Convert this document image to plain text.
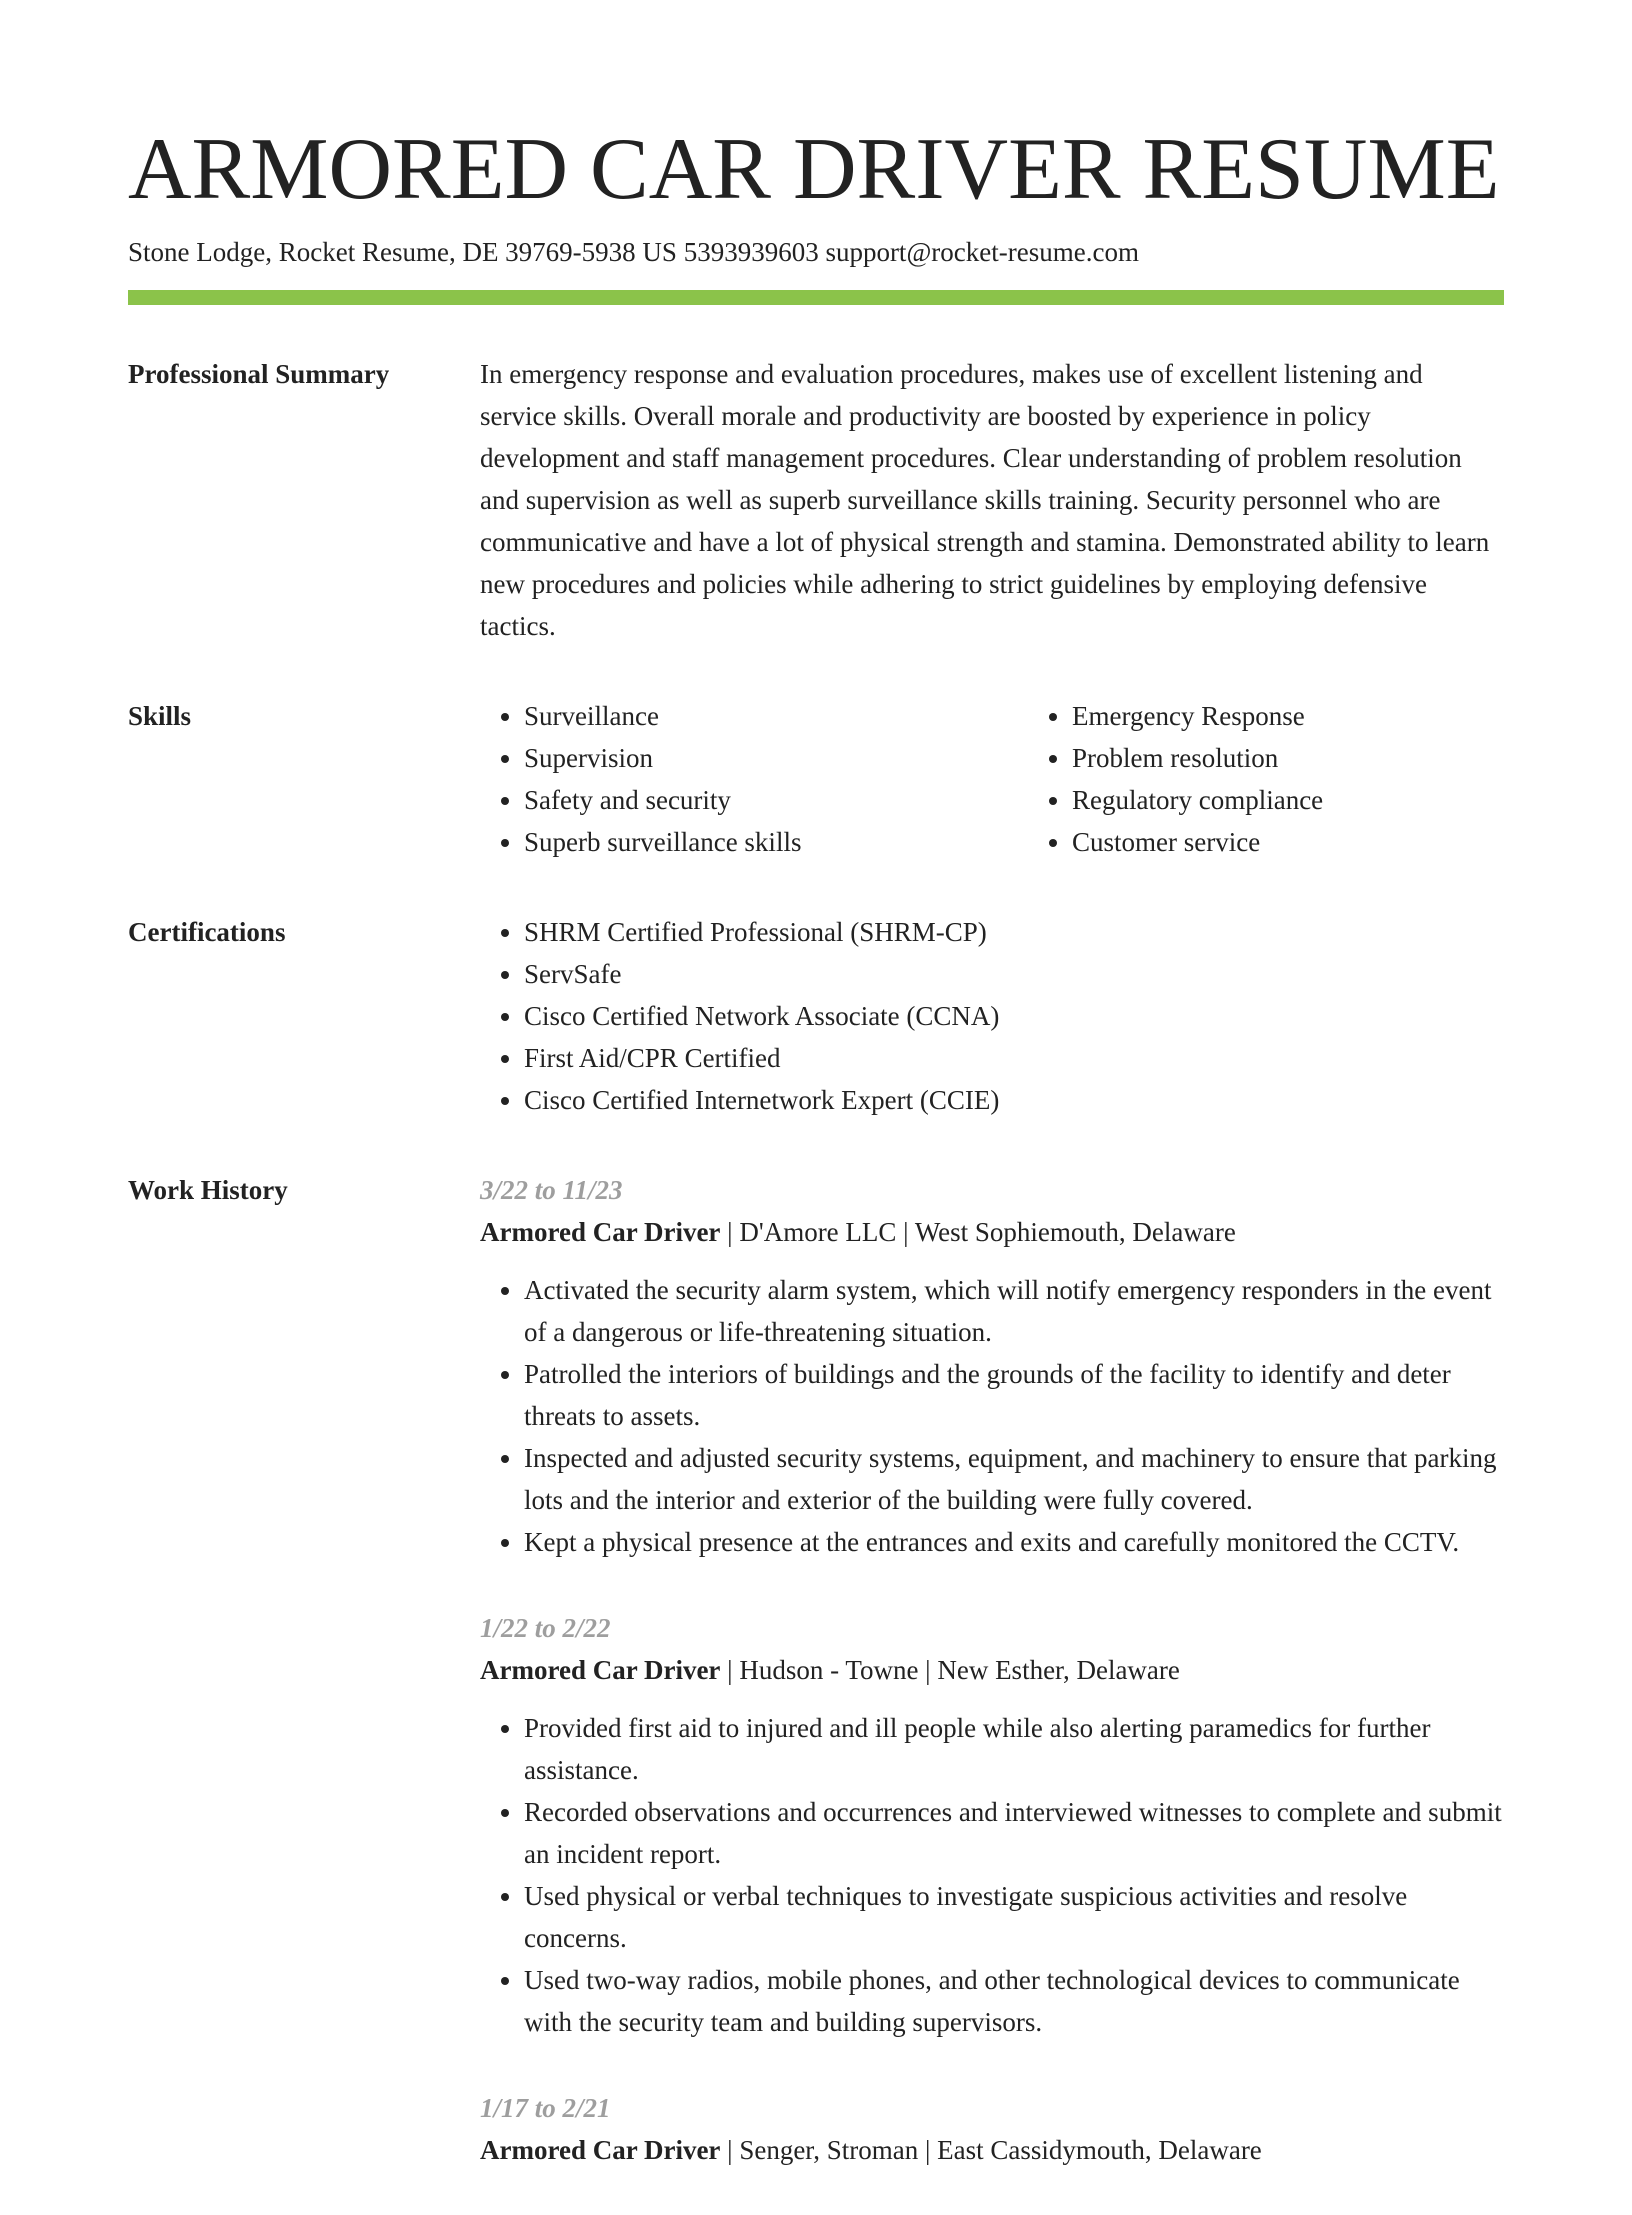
ARMORED CAR DRIVER RESUME
Stone Lodge, Rocket Resume, DE 39769-5938 US 5393939603 support@rocket-resume.com
Professional Summary	In emergency response and evaluation procedures, makes use of excellent listening and service skills. Overall morale and productivity are boosted by experience in policy development and staff management procedures. Clear understanding of problem resolution and supervision as well as superb surveillance skills training. Security personnel who are communicative and have a lot of physical strength and stamina. Demonstrated ability to learn new procedures and policies while adhering to strict guidelines by employing defensive tactics.

Skills	• Surveillance
• Supervision
• Safety and security
• Superb surveillance skills
• Emergency Response
• Problem resolution
• Regulatory compliance
• Customer service
Certifications	• SHRM Certified Professional (SHRM-CP)
• ServSafe
• Cisco Certified Network Associate (CCNA)
• First Aid/CPR Certified
• Cisco Certified Internetwork Expert (CCIE)
Work History	3/22 to 11/23
Armored Car Driver | D'Amore LLC | West Sophiemouth, Delaware
• Activated the security alarm system, which will notify emergency responders in the event of a dangerous or life-threatening situation.
• Patrolled the interiors of buildings and the grounds of the facility to identify and deter threats to assets.
• Inspected and adjusted security systems, equipment, and machinery to ensure that parking lots and the interior and exterior of the building were fully covered.
• Kept a physical presence at the entrances and exits and carefully monitored the CCTV.
1/22 to 2/22
Armored Car Driver | Hudson - Towne | New Esther, Delaware
• Provided first aid to injured and ill people while also alerting paramedics for further assistance.
• Recorded observations and occurrences and interviewed witnesses to complete and submit an incident report.
• Used physical or verbal techniques to investigate suspicious activities and resolve concerns.
• Used two-way radios, mobile phones, and other technological devices to communicate with the security team and building supervisors.
1/17 to 2/21
Armored Car Driver | Senger, Stroman | East Cassidymouth, Delaware
